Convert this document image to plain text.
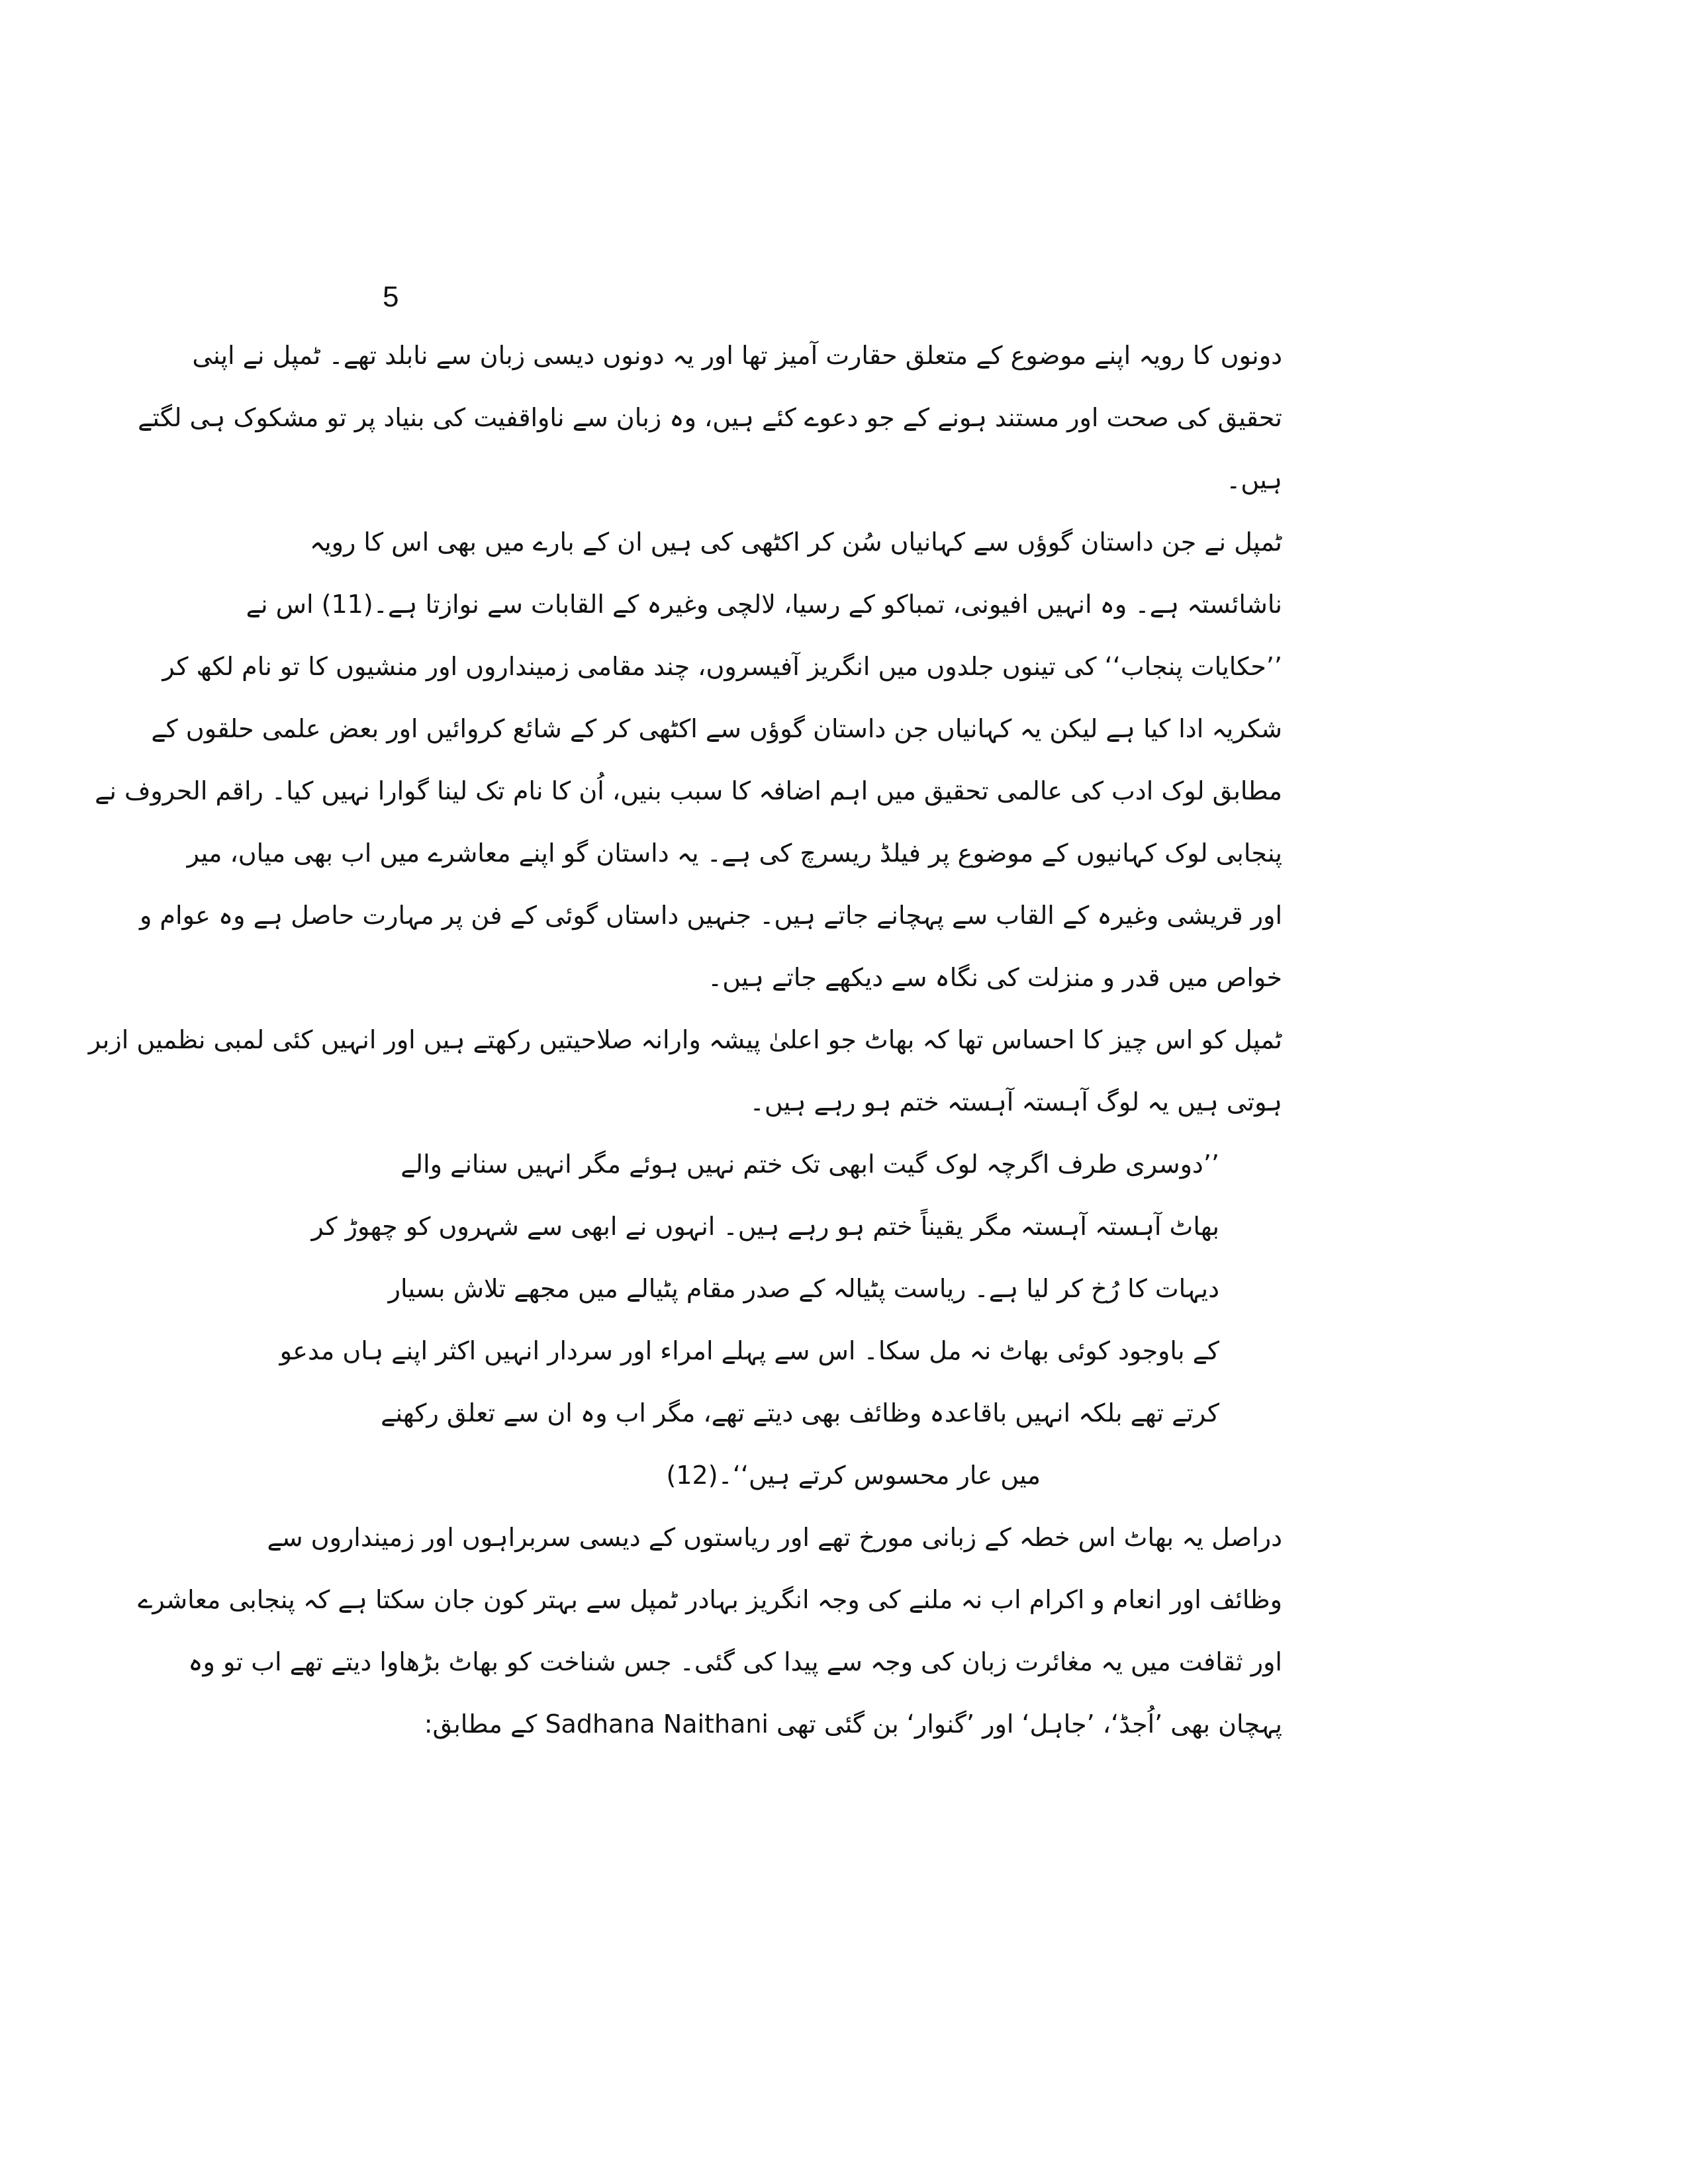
5
دونوں کا رویہ اپنے موضوع کے متعلق حقارت آمیز تھا اور یہ دونوں دیسی زبان سے نابلد تھے۔ ٹمپل نے اپنی
تحقیق کی صحت اور مستند ہونے کے جو دعوے کئے ہیں، وہ زبان سے ناواقفیت کی بنیاد پر تو مشکوک ہی لگتے
ہیں۔
ٹمپل نے جن داستان گوؤں سے کہانیاں سُن کر اکٹھی کی ہیں ان کے بارے میں بھی اس کا رویہ
ناشائستہ ہے۔ وہ انہیں افیونی، تمباکو کے رسیا، لالچی وغیرہ کے القابات سے نوازتا ہے۔(11) اس نے
’’حکایات پنجاب‘‘ کی تینوں جلدوں میں انگریز آفیسروں، چند مقامی زمینداروں اور منشیوں کا تو نام لکھ کر
شکریہ ادا کیا ہے لیکن یہ کہانیاں جن داستان گوؤں سے اکٹھی کر کے شائع کروائیں اور بعض علمی حلقوں کے
مطابق لوک ادب کی عالمی تحقیق میں اہم اضافہ کا سبب بنیں، اُن کا نام تک لینا گوارا نہیں کیا۔ راقم الحروف نے
پنجابی لوک کہانیوں کے موضوع پر فیلڈ ریسرچ کی ہے۔ یہ داستان گو اپنے معاشرے میں اب بھی میاں، میر
اور قریشی وغیرہ کے القاب سے پہچانے جاتے ہیں۔ جنہیں داستاں گوئی کے فن پر مہارت حاصل ہے وہ عوام و
خواص میں قدر و منزلت کی نگاہ سے دیکھے جاتے ہیں۔
ٹمپل کو اس چیز کا احساس تھا کہ بھاٹ جو اعلیٰ پیشہ وارانہ صلاحیتیں رکھتے ہیں اور انہیں کئی لمبی نظمیں ازبر
ہوتی ہیں یہ لوگ آہستہ آہستہ ختم ہو رہے ہیں۔
’’دوسری طرف اگرچہ لوک گیت ابھی تک ختم نہیں ہوئے مگر انہیں سنانے والے
بھاٹ آہستہ آہستہ مگر یقیناً ختم ہو رہے ہیں۔ انہوں نے ابھی سے شہروں کو چھوڑ کر
دیہات کا رُخ کر لیا ہے۔ ریاست پٹیالہ کے صدر مقام پٹیالے میں مجھے تلاش بسیار
کے باوجود کوئی بھاٹ نہ مل سکا۔ اس سے پہلے امراء اور سردار انہیں اکثر اپنے ہاں مدعو
کرتے تھے بلکہ انہیں باقاعدہ وظائف بھی دیتے تھے، مگر اب وہ ان سے تعلق رکھنے
میں عار محسوس کرتے ہیں‘‘۔(12)
دراصل یہ بھاٹ اس خطہ کے زبانی مورخ تھے اور ریاستوں کے دیسی سربراہوں اور زمینداروں سے
وظائف اور انعام و اکرام اب نہ ملنے کی وجہ انگریز بہادر ٹمپل سے بہتر کون جان سکتا ہے کہ پنجابی معاشرے
اور ثقافت میں یہ مغائرت زبان کی وجہ سے پیدا کی گئی۔ جس شناخت کو بھاٹ بڑھاوا دیتے تھے اب تو وہ
پہچان بھی ’اُجڈ‘، ’جاہل‘ اور ’گنوار‘ بن گئی تھی Sadhana Naithani کے مطابق:
